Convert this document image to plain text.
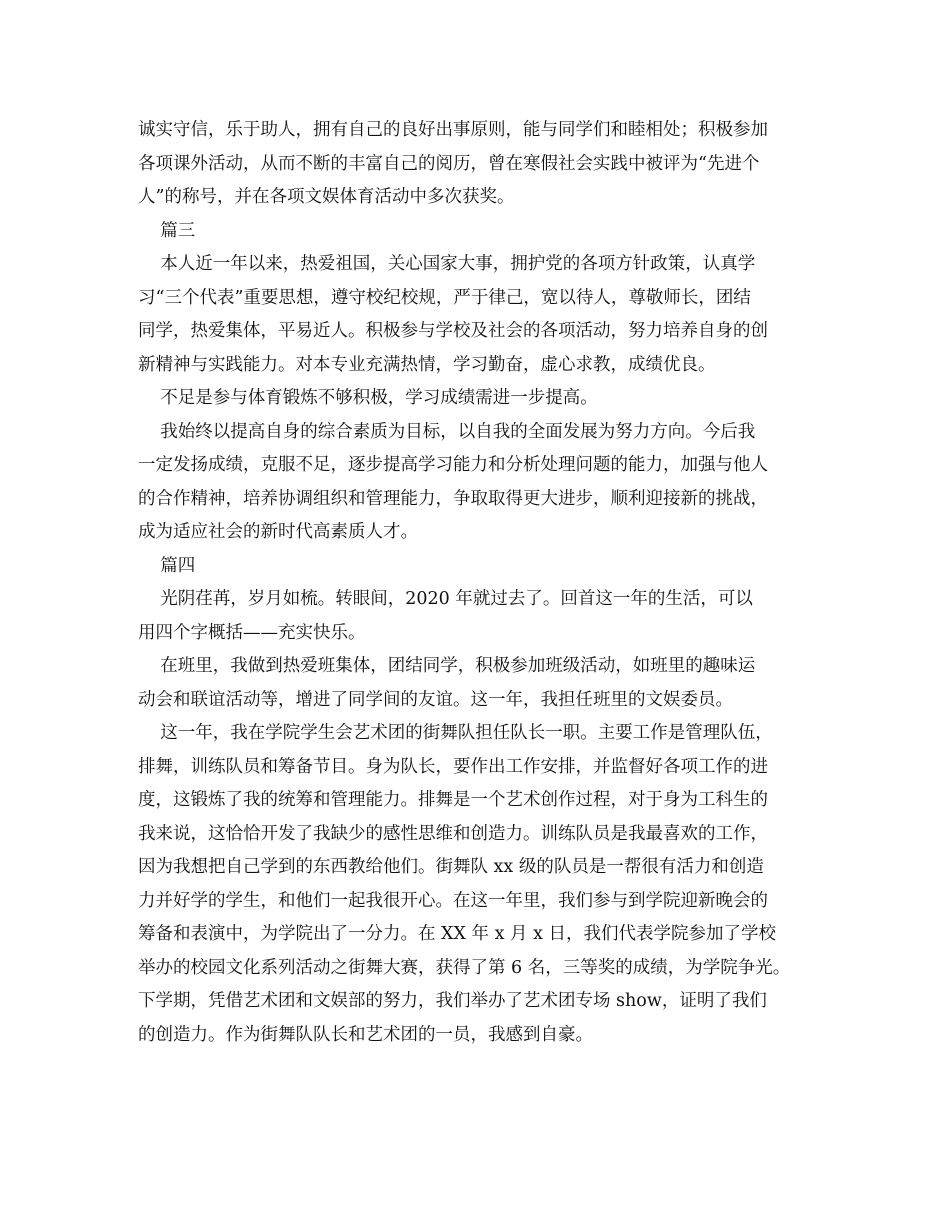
诚实守信，乐于助人，拥有自己的良好出事原则，能与同学们和睦相处；积极参加

各项课外活动，从而不断的丰富自己的阅历，曾在寒假社会实践中被评为“先进个

人”的称号，并在各项文娱体育活动中多次获奖。

篇三

本人近一年以来，热爱祖国，关心国家大事，拥护党的各项方针政策，认真学

习“三个代表”重要思想，遵守校纪校规，严于律己，宽以待人，尊敬师长，团结

同学，热爱集体，平易近人。积极参与学校及社会的各项活动，努力培养自身的创

新精神与实践能力。对本专业充满热情，学习勤奋，虚心求教，成绩优良。

不足是参与体育锻炼不够积极，学习成绩需进一步提高。

我始终以提高自身的综合素质为目标，以自我的全面发展为努力方向。今后我

一定发扬成绩，克服不足，逐步提高学习能力和分析处理问题的能力，加强与他人

的合作精神，培养协调组织和管理能力，争取取得更大进步，顺利迎接新的挑战，

成为适应社会的新时代高素质人才。

篇四

光阴荏苒，岁月如梳。转眼间，2020 年就过去了。回首这一年的生活，可以

用四个字概括——充实快乐。

在班里，我做到热爱班集体，团结同学，积极参加班级活动，如班里的趣味运

动会和联谊活动等，增进了同学间的友谊。这一年，我担任班里的文娱委员。

这一年，我在学院学生会艺术团的街舞队担任队长一职。主要工作是管理队伍，

排舞，训练队员和筹备节目。身为队长，要作出工作安排，并监督好各项工作的进

度，这锻炼了我的统筹和管理能力。排舞是一个艺术创作过程，对于身为工科生的

我来说，这恰恰开发了我缺少的感性思维和创造力。训练队员是我最喜欢的工作，

因为我想把自己学到的东西教给他们。街舞队 xx 级的队员是一帮很有活力和创造

力并好学的学生，和他们一起我很开心。在这一年里，我们参与到学院迎新晚会的

筹备和表演中，为学院出了一分力。在 XX 年 x 月 x 日，我们代表学院参加了学校

举办的校园文化系列活动之街舞大赛，获得了第 6 名，三等奖的成绩，为学院争光。

下学期，凭借艺术团和文娱部的努力，我们举办了艺术团专场 show，证明了我们

的创造力。作为街舞队队长和艺术团的一员，我感到自豪。
